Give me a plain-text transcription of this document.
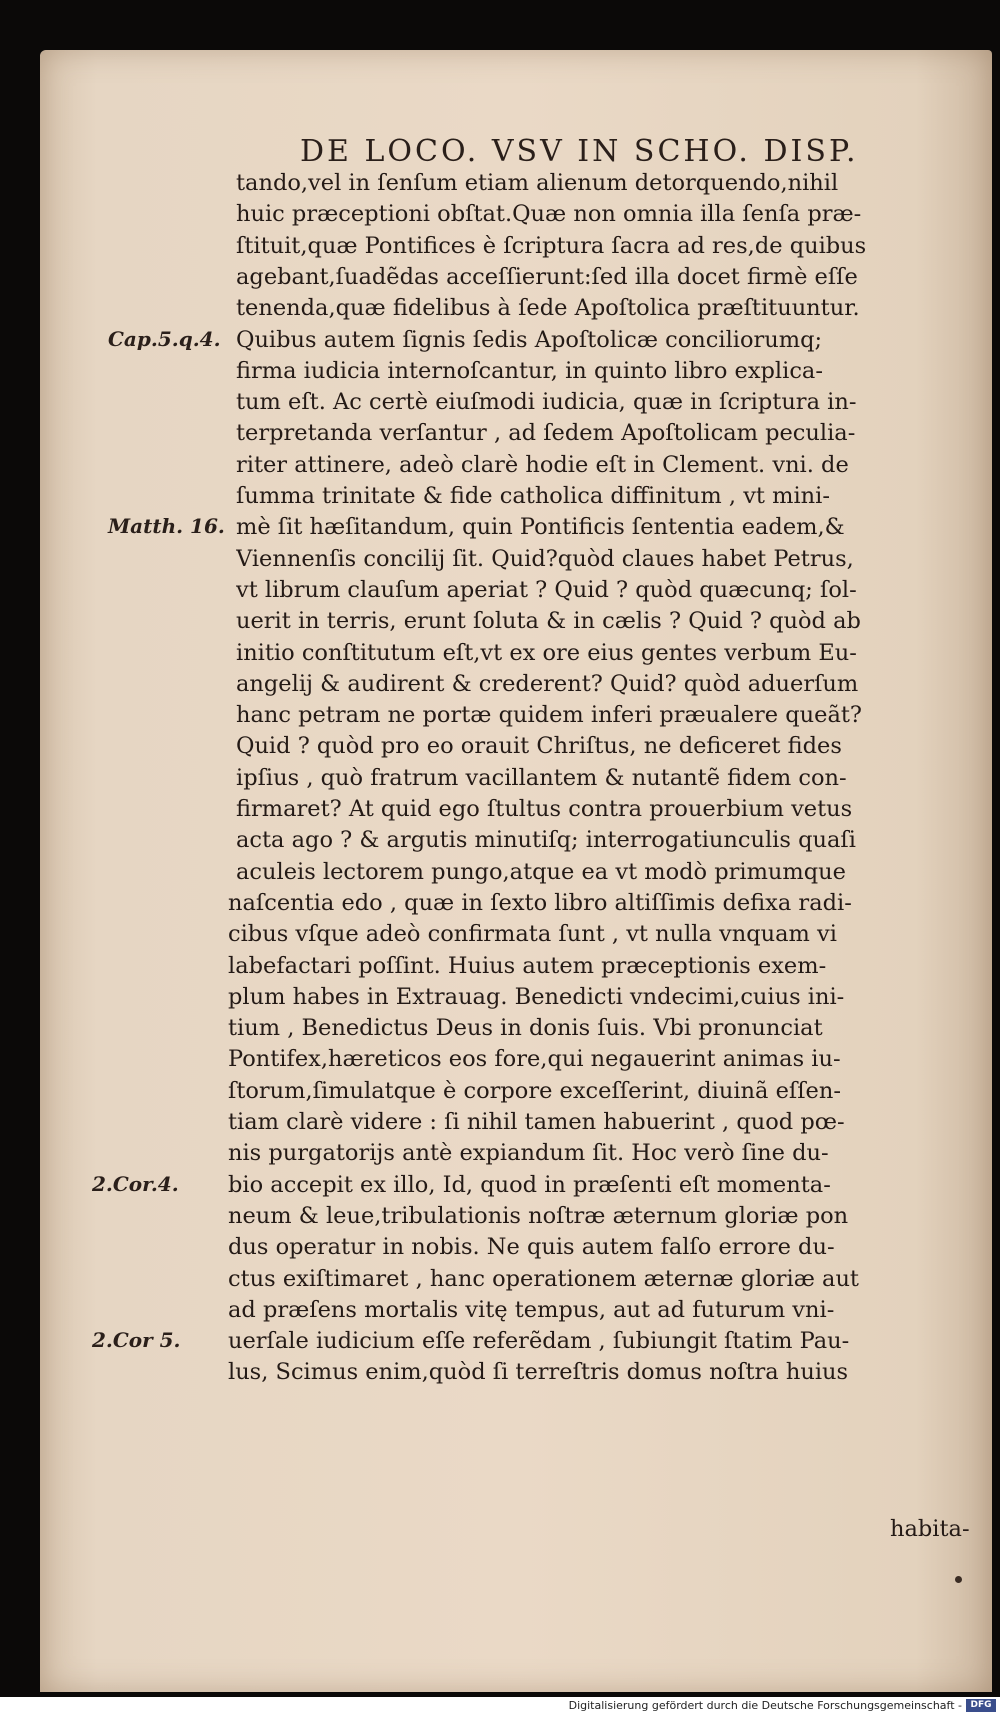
DE LOCO. VSV IN SCHO. DISP.
tando,vel in ſenſum etiam alienum detorquendo,nihil
huic præceptioni obſtat.Quæ non omnia illa ſenſa præ-
ſtituit,quæ Pontifices è ſcriptura ſacra ad res,de quibus
agebant,ſuadẽdas acceſſierunt:ſed illa docet firmè eſſe
tenenda,quæ fidelibus à ſede Apoſtolica præſtituuntur.
Quibus autem ſignis ſedis Apoſtolicæ conciliorumq;
firma iudicia internoſcantur, in quinto libro explica-
tum eſt. Ac certè eiuſmodi iudicia, quæ in ſcriptura in-
terpretanda verſantur , ad ſedem Apoſtolicam peculia-
riter attinere, adeò clarè hodie eſt in Clement. vni. de
ſumma trinitate & fide catholica diffinitum , vt mini-
mè ſit hæſitandum, quin Pontificis ſententia eadem,&
Viennenſis concilij ſit. Quid?quòd claues habet Petrus,
vt librum clauſum aperiat ? Quid ? quòd quæcunq; ſol-
uerit in terris, erunt ſoluta & in cælis ? Quid ? quòd ab
initio conſtitutum eſt,vt ex ore eius gentes verbum Eu-
angelij & audirent & crederent? Quid? quòd aduerſum
hanc petram ne portæ quidem inferi præualere queãt?
Quid ? quòd pro eo orauit Chriſtus, ne deficeret fides
ipſius , quò fratrum vacillantem & nutantẽ fidem con-
firmaret? At quid ego ſtultus contra prouerbium vetus
acta ago ? & argutis minutiſq; interrogatiunculis quaſi
aculeis lectorem pungo,atque ea vt modò primumque
naſcentia edo , quæ in ſexto libro altiſſimis defixa radi-
cibus vſque adeò confirmata ſunt , vt nulla vnquam vi
labefactari poſſint. Huius autem præceptionis exem-
plum habes in Extrauag. Benedicti vndecimi,cuius ini-
tium , Benedictus Deus in donis ſuis. Vbi pronunciat
Pontifex,hæreticos eos fore,qui negauerint animas iu-
ſtorum,ſimulatque è corpore exceſſerint, diuinã eſſen-
tiam clarè videre : ſi nihil tamen habuerint , quod pœ-
nis purgatorijs antè expiandum ſit. Hoc verò ſine du-
bio accepit ex illo, Id, quod in præſenti eſt momenta-
neum & leue,tribulationis noſtræ æternum gloriæ pon
dus operatur in nobis. Ne quis autem falſo errore du-
ctus exiſtimaret , hanc operationem æternæ gloriæ aut
ad præſens mortalis vitę tempus, aut ad futurum vni-
uerſale iudicium eſſe referẽdam , ſubiungit ſtatim Pau-
lus, Scimus enim,quòd ſi terreſtris domus noſtra huius
Cap.5.q.4.
Matth. 16.
2.Cor.4.
2.Cor 5.
habita-
Digitalisierung gefördert durch die Deutsche Forschungsgemeinschaft - DFG
